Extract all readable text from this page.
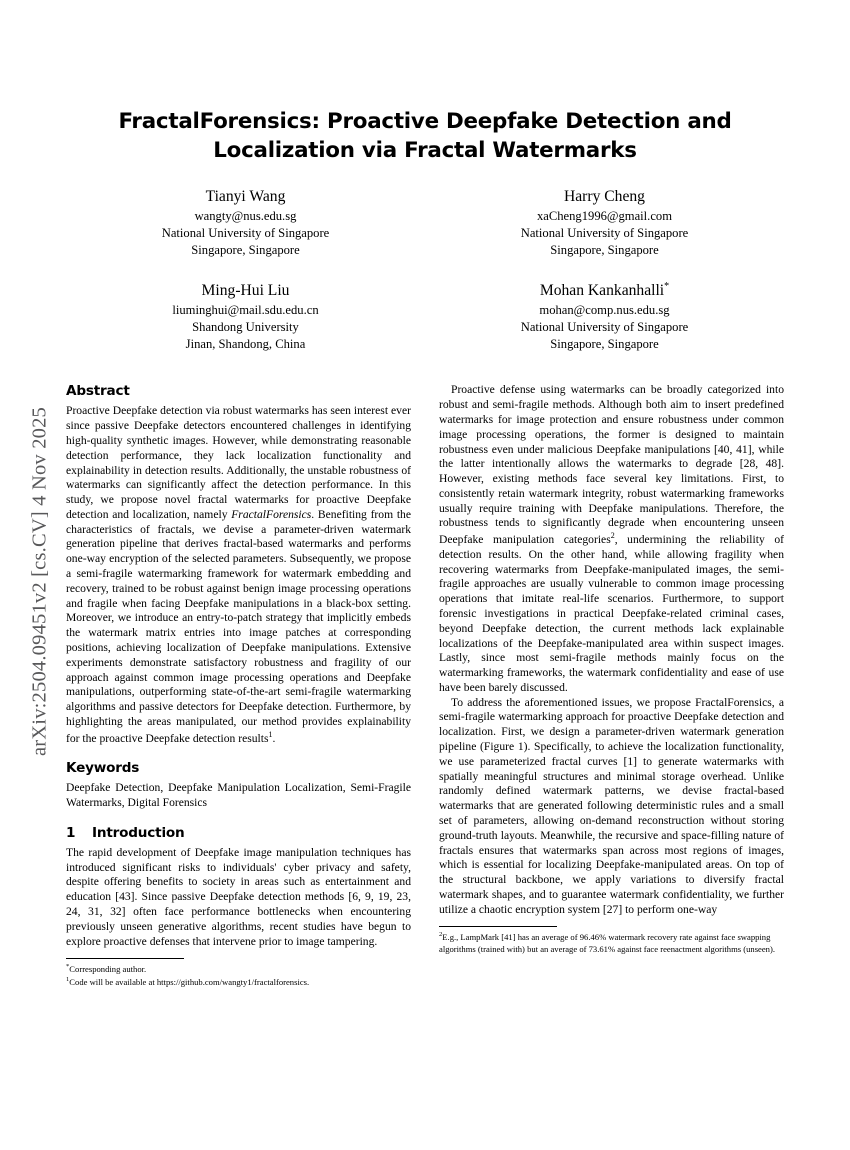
arXiv:2504.09451v2 [cs.CV] 4 Nov 2025
FractalForensics: Proactive Deepfake Detection and Localization via Fractal Watermarks
Tianyi Wang
wangty@nus.edu.sg
National University of Singapore
Singapore, Singapore
Harry Cheng
xaCheng1996@gmail.com
National University of Singapore
Singapore, Singapore
Ming-Hui Liu
liuminghui@mail.sdu.edu.cn
Shandong University
Jinan, Shandong, China
Mohan Kankanhalli*
mohan@comp.nus.edu.sg
National University of Singapore
Singapore, Singapore
Abstract

Proactive Deepfake detection via robust watermarks has seen interest ever since passive Deepfake detectors encountered challenges in identifying high-quality synthetic images. However, while demonstrating reasonable detection performance, they lack localization functionality and explainability in detection results. Additionally, the unstable robustness of watermarks can significantly affect the detection performance. In this study, we propose novel fractal watermarks for proactive Deepfake detection and localization, namely FractalForensics. Benefiting from the characteristics of fractals, we devise a parameter-driven watermark generation pipeline that derives fractal-based watermarks and performs one-way encryption of the selected parameters. Subsequently, we propose a semi-fragile watermarking framework for watermark embedding and recovery, trained to be robust against benign image processing operations and fragile when facing Deepfake manipulations in a black-box setting. Moreover, we introduce an entry-to-patch strategy that implicitly embeds the watermark matrix entries into image patches at corresponding positions, achieving localization of Deepfake manipulations. Extensive experiments demonstrate satisfactory robustness and fragility of our approach against common image processing operations and Deepfake manipulations, outperforming state-of-the-art semi-fragile watermarking algorithms and passive detectors for Deepfake detection. Furthermore, by highlighting the areas manipulated, our method provides explainability for the proactive Deepfake detection results$^1$.

Keywords

Deepfake Detection, Deepfake Manipulation Localization, Semi-Fragile Watermarks, Digital Forensics

1 Introduction

The rapid development of Deepfake image manipulation techniques has introduced significant risks to individuals' cyber privacy and safety, despite offering benefits to society in areas such as entertainment and education [43]. Since passive Deepfake detection methods [6, 9, 19, 23, 24, 31, 32] often face performance bottlenecks when encountering previously unseen generative algorithms, recent studies have begun to explore proactive defenses that intervene prior to image tampering.

*Corresponding author.

$^1$Code will be available at https://github.com/wangty1/fractalforensics.

Proactive defense using watermarks can be broadly categorized into robust and semi-fragile methods. Although both aim to insert predefined watermarks for image protection and ensure robustness under common image processing operations, the former is designed to maintain robustness even under malicious Deepfake manipulations [40, 41], while the latter intentionally allows the watermarks to degrade [28, 48]. However, existing methods face several key limitations. First, to consistently retain watermark integrity, robust watermarking frameworks usually require training with Deepfake manipulations. Therefore, the robustness tends to significantly degrade when encountering unseen Deepfake manipulation categories$^2$, undermining the reliability of detection results. On the other hand, while allowing fragility when recovering watermarks from Deepfake-manipulated images, the semi-fragile approaches are usually vulnerable to common image processing operations that imitate real-life scenarios. Furthermore, to support forensic investigations in practical Deepfake-related criminal cases, beyond Deepfake detection, the current methods lack explainable localizations of the Deepfake-manipulated area within suspect images. Lastly, since most semi-fragile methods mainly focus on the watermarking frameworks, the watermark confidentiality and ease of use have been barely discussed.

To address the aforementioned issues, we propose FractalForensics, a semi-fragile watermarking approach for proactive Deepfake detection and localization. First, we design a parameter-driven watermark generation pipeline (Figure 1). Specifically, to achieve the localization functionality, we use parameterized fractal curves [1] to generate watermarks with spatially meaningful structures and minimal storage overhead. Unlike randomly defined watermark patterns, we devise fractal-based watermarks that are generated following deterministic rules and a small set of parameters, allowing on-demand reconstruction without storing ground-truth layouts. Meanwhile, the recursive and space-filling nature of fractals ensures that watermarks span across most regions of images, which is essential for localizing Deepfake-manipulated areas. On top of the structural backbone, we apply variations to diversify fractal watermark shapes, and to guarantee watermark confidentiality, we further utilize a chaotic encryption system [27] to perform one-way

$^2$E.g., LampMark [41] has an average of 96.46% watermark recovery rate against face swapping algorithms (trained with) but an average of 73.61% against face reenactment algorithms (unseen).
